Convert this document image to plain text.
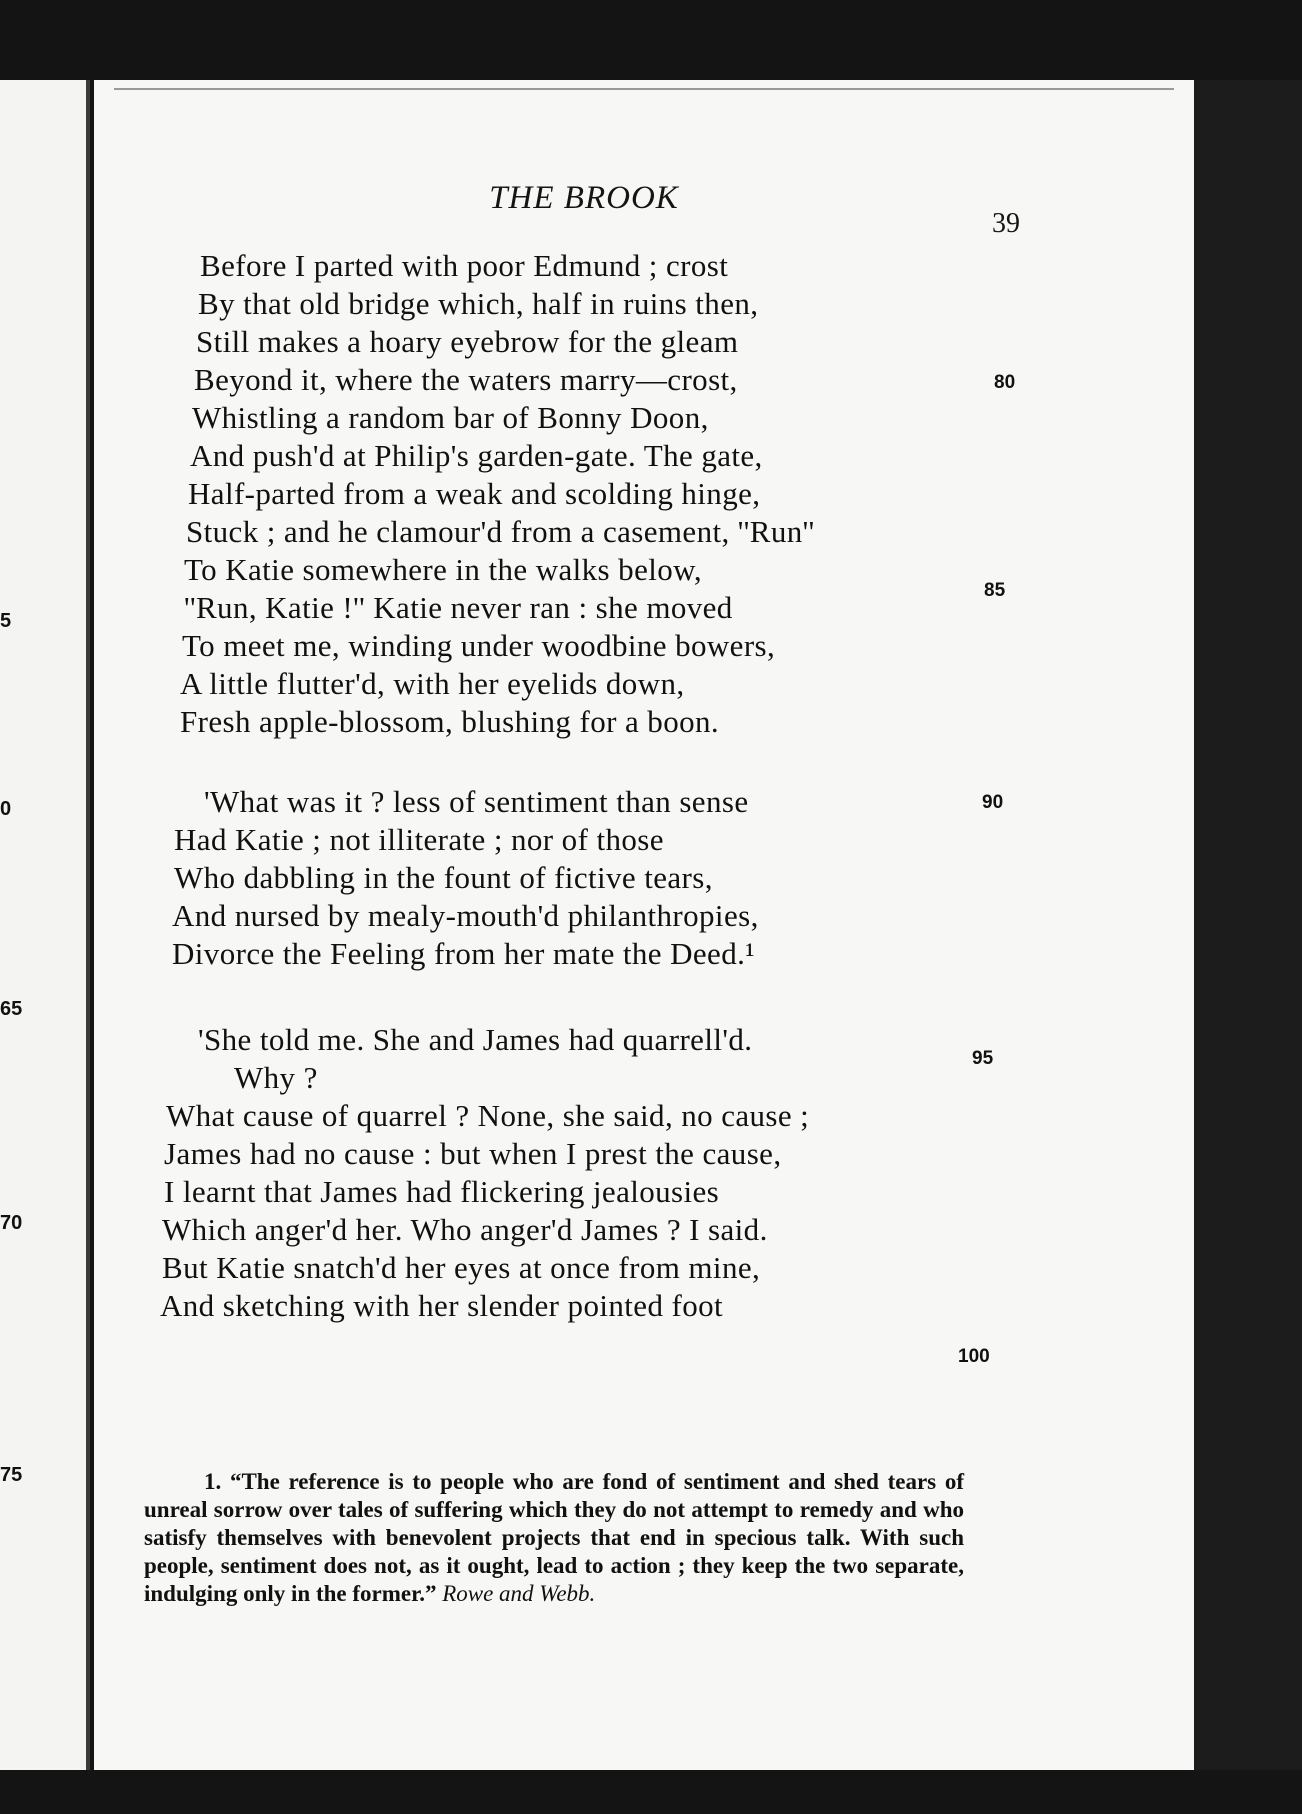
5
0
65
70
75
THE BROOK
39
Before I parted with poor Edmund ; crost
By that old bridge which, half in ruins then,
Still makes a hoary eyebrow for the gleam
Beyond it, where the waters marry—crost,
Whistling a random bar of Bonny Doon,
And push'd at Philip's garden-gate. The gate,
Half-parted from a weak and scolding hinge,
Stuck ; and he clamour'd from a casement, ''Run''
To Katie somewhere in the walks below,
''Run, Katie !'' Katie never ran : she moved
To meet me, winding under woodbine bowers,
A little flutter'd, with her eyelids down,
Fresh apple-blossom, blushing for a boon.
'What was it ? less of sentiment than sense
Had Katie ; not illiterate ; nor of those
Who dabbling in the fount of fictive tears,
And nursed by mealy-mouth'd philanthropies,
Divorce the Feeling from her mate the Deed.¹
'She told me. She and James had quarrell'd.
Why ?
What cause of quarrel ? None, she said, no cause ;
James had no cause : but when I prest the cause,
I learnt that James had flickering jealousies
Which anger'd her. Who anger'd James ? I said.
But Katie snatch'd her eyes at once from mine,
And sketching with her slender pointed foot
80
85
90
95
100
1. “The reference is to people who are fond of sentiment and shed tears of unreal sorrow over tales of suffering which they do not attempt to remedy and who satisfy themselves with benevolent projects that end in specious talk. With such people, sentiment does not, as it ought, lead to action ; they keep the two separate, indulging only in the former.” Rowe and Webb.
